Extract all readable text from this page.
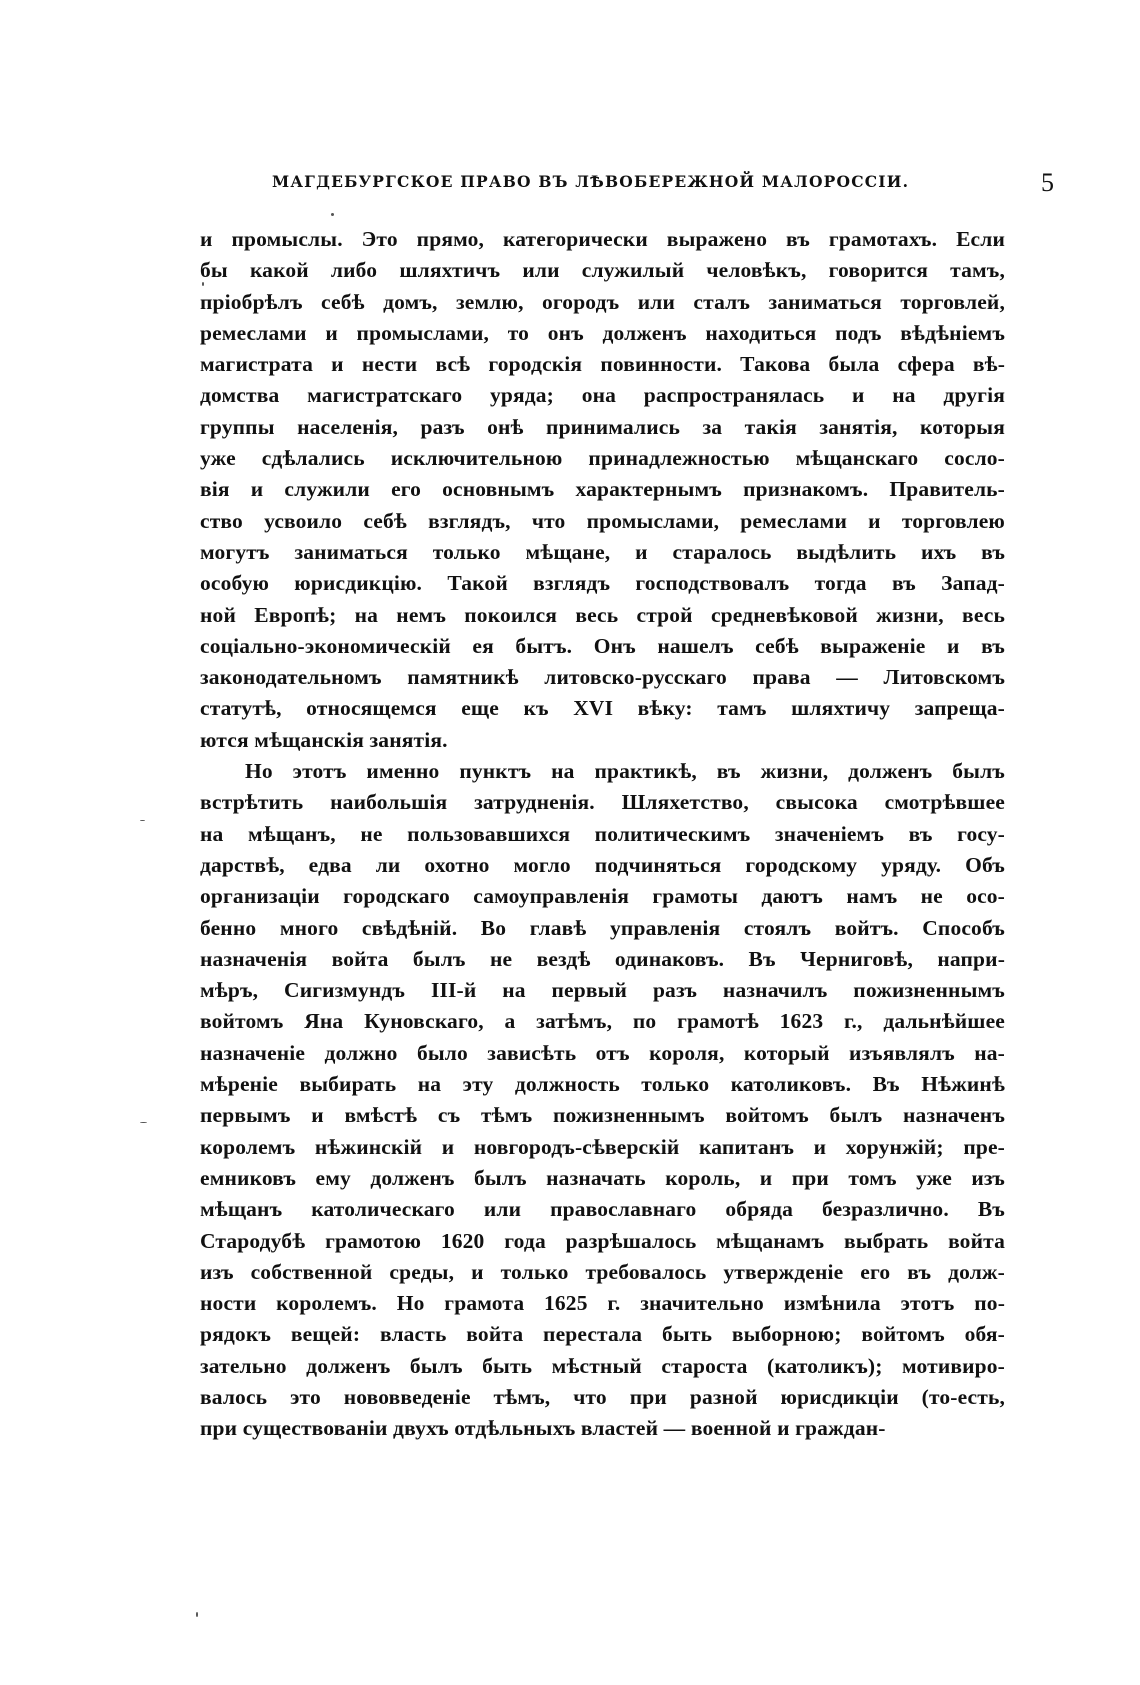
МАГДЕБУРГСКОЕ ПРАВО ВЪ ЛѢВОБЕРЕЖНОЙ МАЛОРОССІИ.	5
и промыслы. Это прямо, категорически выражено въ грамотахъ. Если
бы какой либо шляхтичъ или служилый человѣкъ, говорится тамъ,
пріобрѣлъ себѣ домъ, землю, огородъ или сталъ заниматься торговлей,
ремеслами и промыслами, то онъ долженъ находиться подъ вѣдѣніемъ
магистрата и нести всѣ городскія повинности. Такова была сфера вѣ-
домства магистратскаго уряда; она распространялась и на другія
группы населенія, разъ онѣ принимались за такія занятія, которыя
уже сдѣлались исключительною принадлежностью мѣщанскаго сосло-
вія и служили его основнымъ характернымъ признакомъ. Правитель-
ство усвоило себѣ взглядъ, что промыслами, ремеслами и торговлею
могутъ заниматься только мѣщане, и старалось выдѣлить ихъ въ
особую юрисдикцію. Такой взглядъ господствовалъ тогда въ Запад-
ной Европѣ; на немъ покоился весь строй средневѣковой жизни, весь
соціально-экономическій ея бытъ. Онъ нашелъ себѣ выраженіе и въ
законодательномъ памятникѣ литовско-русскаго права — Литовскомъ
статутѣ, относящемся еще къ XVI вѣку: тамъ шляхтичу запреща-
ются мѣщанскія занятія.
Но этотъ именно пунктъ на практикѣ, въ жизни, долженъ былъ
встрѣтить наибольшія затрудненія. Шляхетство, свысока смотрѣвшее
на мѣщанъ, не пользовавшихся политическимъ значеніемъ въ госу-
дарствѣ, едва ли охотно могло подчиняться городскому уряду. Объ
организаціи городскаго самоуправленія грамоты даютъ намъ не осо-
бенно много свѣдѣній. Во главѣ управленія стоялъ войтъ. Способъ
назначенія войта былъ не вездѣ одинаковъ. Въ Черниговѣ, напри-
мѣръ, Сигизмундъ III-й на первый разъ назначилъ пожизненнымъ
войтомъ Яна Куновскаго, а затѣмъ, по грамотѣ 1623 г., дальнѣйшее
назначеніе должно было зависѣть отъ короля, который изъявлялъ на-
мѣреніе выбирать на эту должность только католиковъ. Въ Нѣжинѣ
первымъ и вмѣстѣ съ тѣмъ пожизненнымъ войтомъ былъ назначенъ
королемъ нѣжинскій и новгородъ-сѣверскій капитанъ и хорунжій; пре-
емниковъ ему долженъ былъ назначать король, и при томъ уже изъ
мѣщанъ католическаго или православнаго обряда безразлично. Въ
Стародубѣ грамотою 1620 года разрѣшалось мѣщанамъ выбрать войта
изъ собственной среды, и только требовалось утвержденіе его въ долж-
ности королемъ. Но грамота 1625 г. значительно измѣнила этотъ по-
рядокъ вещей: власть войта перестала быть выборною; войтомъ обя-
зательно долженъ былъ быть мѣстный староста (католикъ); мотивиро-
валось это нововведеніе тѣмъ, что при разной юрисдикціи (то-есть,
при существованіи двухъ отдѣльныхъ властей — военной и граждан-
